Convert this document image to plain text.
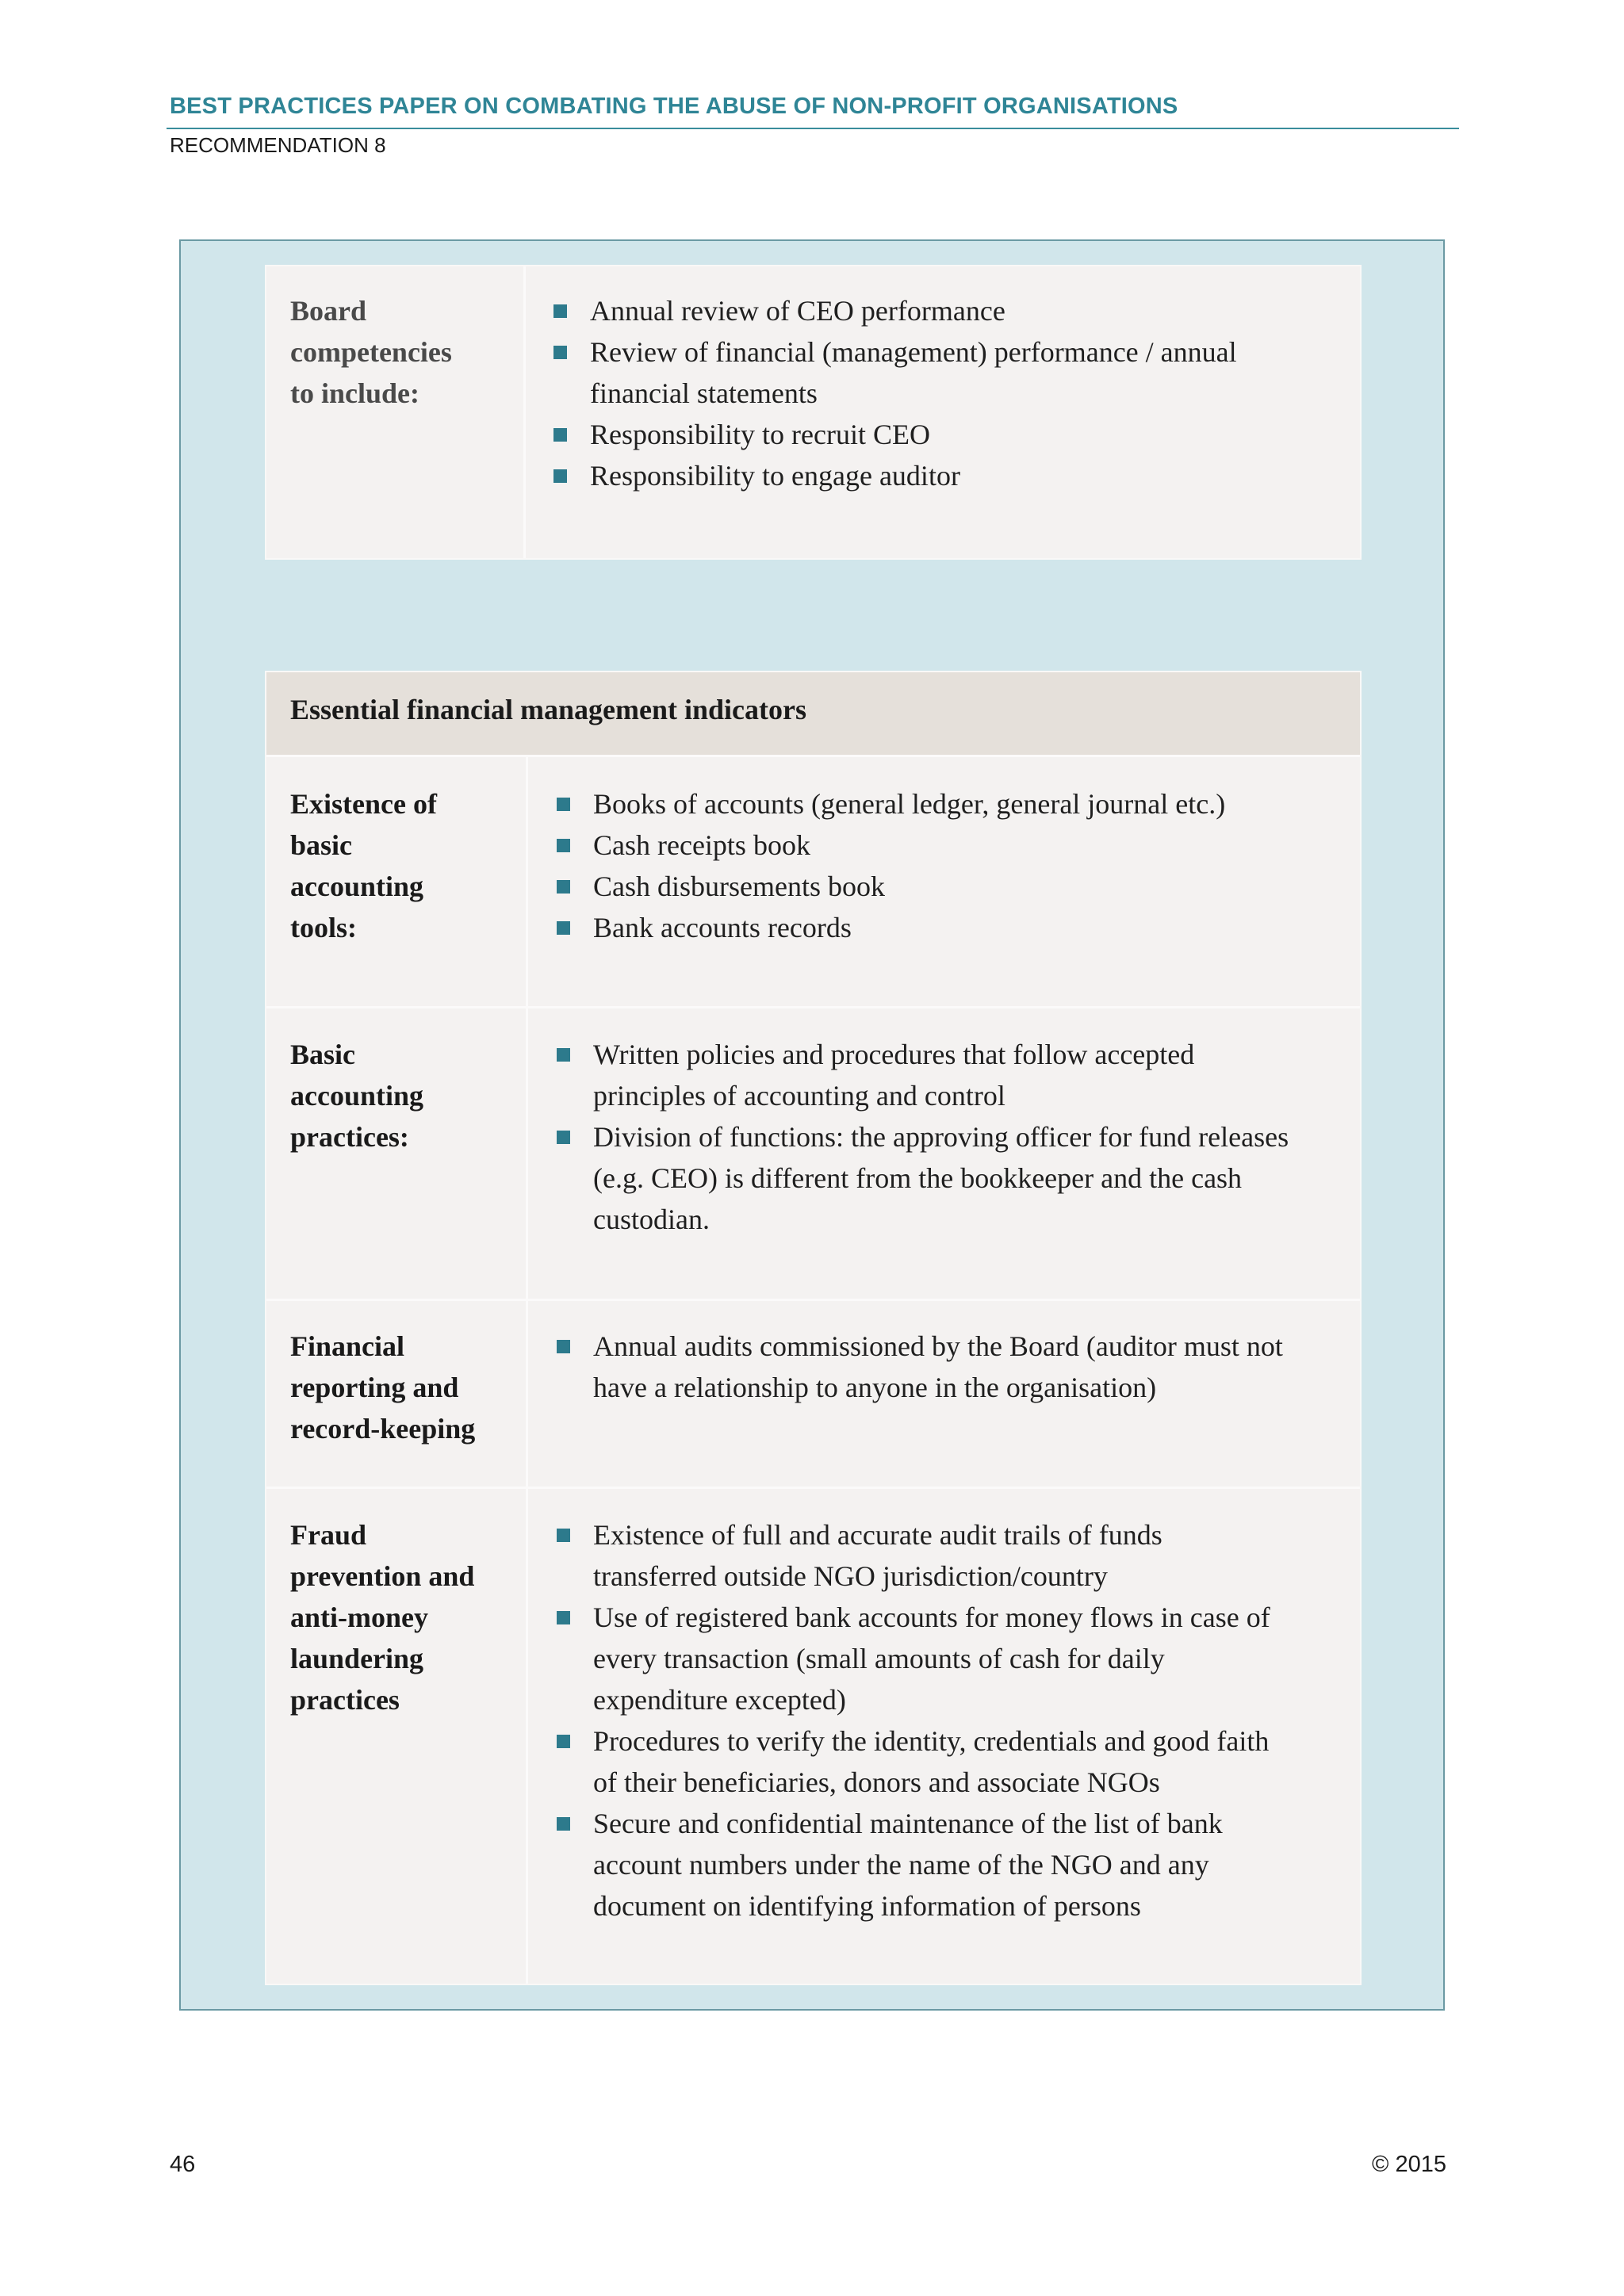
BEST PRACTICES PAPER ON COMBATING THE ABUSE OF NON-PROFIT ORGANISATIONS
RECOMMENDATION 8
Board
competencies
to include:
Annual review of CEO performance
Review of financial (management) performance / annual financial statements
Responsibility to recruit CEO
Responsibility to engage auditor
Essential financial management indicators
Existence of
basic
accounting
tools:
Books of accounts (general ledger, general journal etc.)
Cash receipts book
Cash disbursements book
Bank accounts records
Basic
accounting
practices:
Written policies and procedures that follow accepted principles of accounting and control
Division of functions: the approving officer for fund releases (e.g. CEO) is different from the bookkeeper and the cash custodian.
Financial
reporting and
record-keeping
Annual audits commissioned by the Board (auditor must not have a relationship to anyone in the organisation)
Fraud
prevention and
anti-money
laundering
practices
Existence of full and accurate audit trails of funds transferred outside NGO jurisdiction/country
Use of registered bank accounts for money flows in case of every transaction (small amounts of cash for daily expenditure excepted)
Procedures to verify the identity, credentials and good faith of their beneficiaries, donors and associate NGOs
Secure and confidential maintenance of the list of bank account numbers under the name of the NGO and any document on identifying information of persons
46	© 2015
